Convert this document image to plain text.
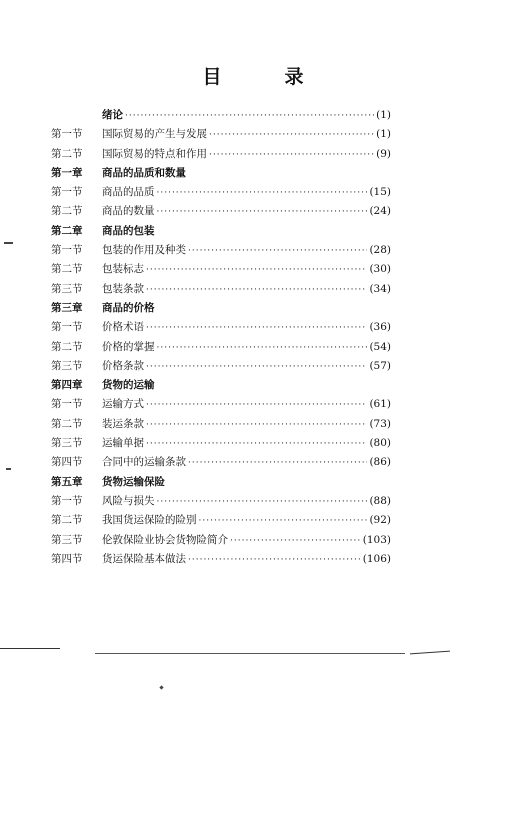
目　录
绪论 ·····	(1)
第一节	国际贸易的产生与发展 ·····	(1)
第二节	国际贸易的特点和作用 ·····	(9)
第一章	商品的品质和数量
第一节	商品的品质 ·····	(15)
第二节	商品的数量 ·····	(24)
第二章	商品的包装
第一节	包装的作用及种类 ·····	(28)
第二节	包装标志 ·····	(30)
第三节	包装条款 ·····	(34)
第三章	商品的价格
第一节	价格术语 ·····	(36)
第二节	价格的掌握 ·····	(54)
第三节	价格条款 ·····	(57)
第四章	货物的运输
第一节	运输方式 ·····	(61)
第二节	装运条款 ·····	(73)
第三节	运输单据 ·····	(80)
第四节	合同中的运输条款 ·····	(86)
第五章	货物运输保险
第一节	风险与损失 ·····	(88)
第二节	我国货运保险的险别 ·····	(92)
第三节	伦敦保险业协会货物险简介 ·····	(103)
第四节	货运保险基本做法 ·····	(106)
